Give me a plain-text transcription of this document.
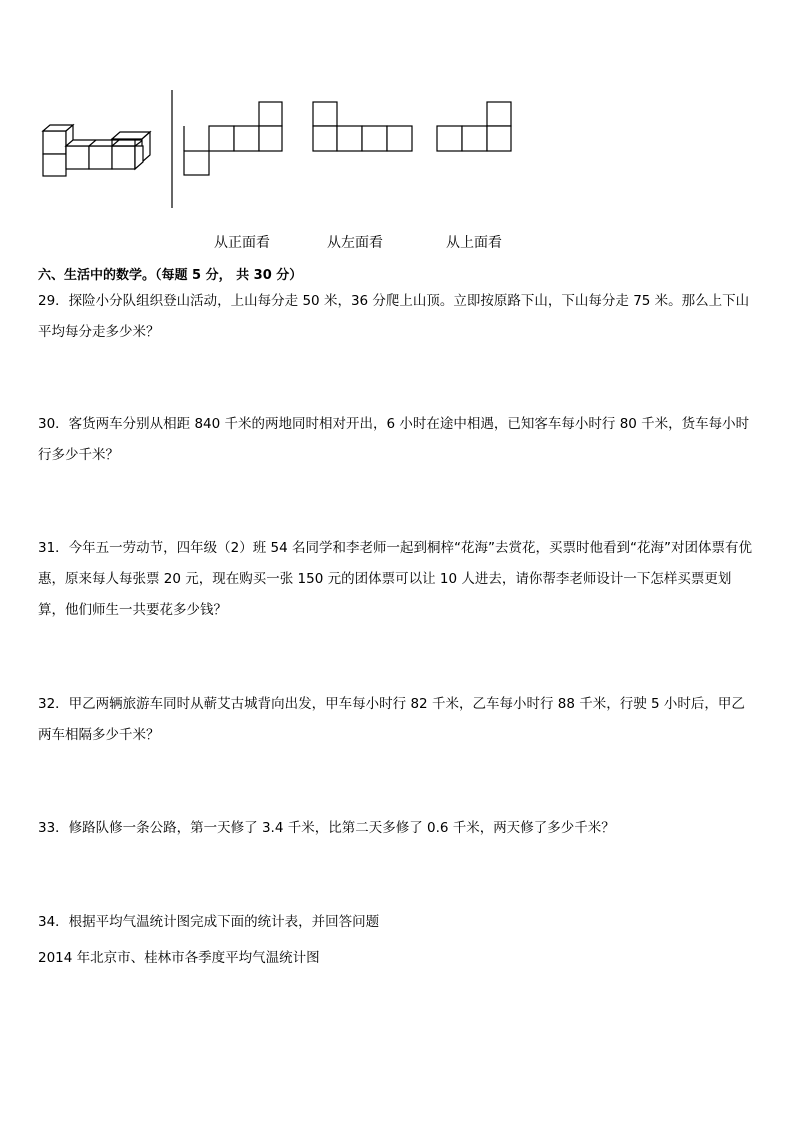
从正面看	从左面看	从上面看
六、生活中的数学。（每题 5 分， 共 30 分）
29．探险小分队组织登山活动，上山每分走 50 米，36 分爬上山顶。立即按原路下山，下山每分走 75 米。那么上下山平均每分走多少米？
30．客货两车分别从相距 840 千米的两地同时相对开出，6 小时在途中相遇，已知客车每小时行 80 千米，货车每小时行多少千米？
31．今年五一劳动节，四年级（2）班 54 名同学和李老师一起到桐梓“花海”去赏花，买票时他看到“花海”对团体票有优惠，原来每人每张票 20 元，现在购买一张 150 元的团体票可以让 10 人进去，请你帮李老师设计一下怎样买票更划算，他们师生一共要花多少钱？
32．甲乙两辆旅游车同时从蕲艾古城背向出发，甲车每小时行 82 千米，乙车每小时行 88 千米，行驶 5 小时后，甲乙两车相隔多少千米？
33．修路队修一条公路，第一天修了 3.4 千米，比第二天多修了 0.6 千米，两天修了多少千米？
34．根据平均气温统计图完成下面的统计表，并回答问题
2014 年北京市、桂林市各季度平均气温统计图
